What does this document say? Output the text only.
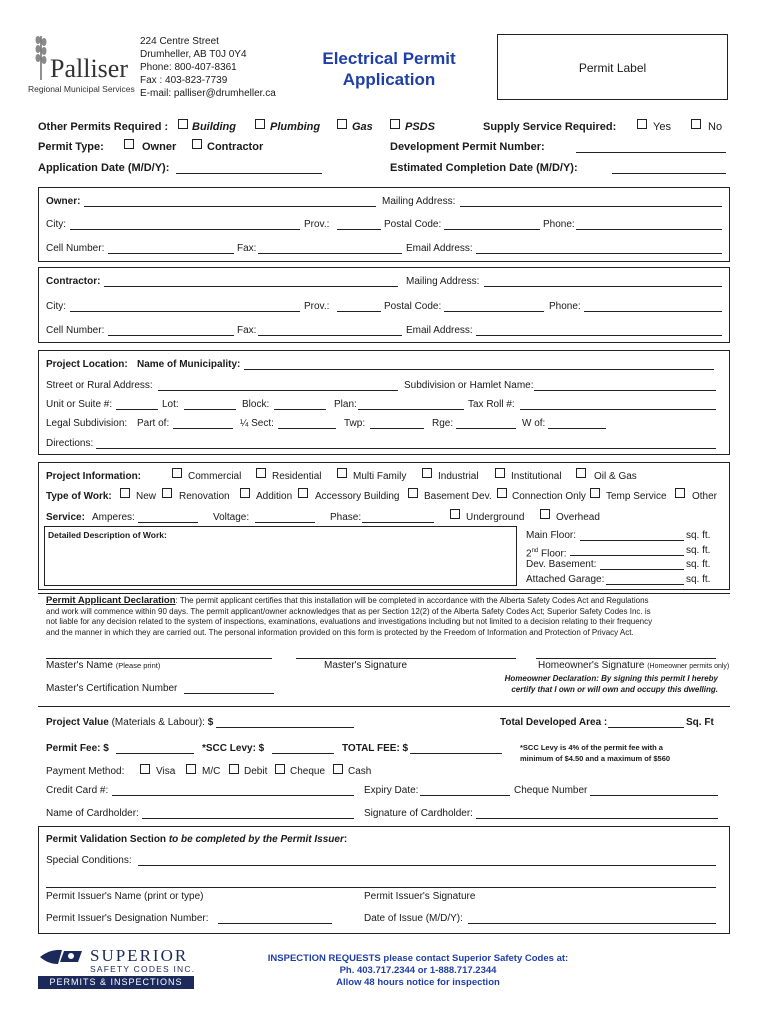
Palliser
Regional Municipal Services
224 Centre Street
Drumheller, AB T0J 0Y4
Phone: 800-407-8361
Fax : 403-823-7739
E-mail: palliser@drumheller.ca
Electrical Permit
Application
Permit Label
Other Permits Required : Building	Plumbing	Gas	PSDS	Supply Service Required:	Yes	No
Permit Type:	Owner	Contractor	Development Permit Number:
Application Date (M/D/Y):	Estimated Completion Date (M/D/Y):
Owner:	Mailing Address:
City:	Prov.:	Postal Code:	Phone:
Cell Number:	Fax:	Email Address:
Contractor:	Mailing Address:
City:	Prov.:	Postal Code:	Phone:
Cell Number:	Fax:	Email Address:
Project Location: Name of Municipality:
Street or Rural Address:	Subdivision or Hamlet Name:
Unit or Suite #:	Lot:	Block:	Plan:	Tax Roll #:
Legal Subdivision: Part of:	¼ Sect:	Twp:	Rge:	W of:
Directions:
Project Information:	Commercial	Residential	Multi Family	Industrial	Institutional	Oil & Gas
Type of Work: New Renovation	Addition Accessory Building Basement Dev. Connection Only Temp Service	Other
Service: Amperes:	Voltage:	Phase:	Underground	Overhead
Detailed Description of Work:	Main Floor:	sq. ft.
2nd Floor:	sq. ft.
Dev. Basement:	sq. ft.
Attached Garage:	sq. ft.
Permit Applicant Declaration: The permit applicant certifies that this installation will be completed in accordance with the Alberta Safety Codes Act and Regulations
and work will commence within 90 days. The permit applicant/owner acknowledges that as per Section 12(2) of the Alberta Safety Codes Act; Superior Safety Codes Inc. is
not liable for any decision related to the system of inspections, examinations, evaluations and investigations including but not limited to a decision relating to their frequency
and the manner in which they are carried out. The personal information provided on this form is protected by the Freedom of Information and Protection of Privacy Act.
Master's Name (Please print)	Master's Signature	Homeowner's Signature (Homeowner permits only)
Master's Certification Number
Homeowner Declaration: By signing this permit I hereby
certify that I own or will own and occupy this dwelling.
Project Value (Materials & Labour): $	Total Developed Area :	Sq. Ft
Permit Fee: $	*SCC Levy: $	TOTAL FEE: $	*SCC Levy is 4% of the permit fee with a
minimum of $4.50 and a maximum of $560
Payment Method:	Visa	M/C Debit Cheque Cash
Credit Card #:	Expiry Date:	Cheque Number
Name of Cardholder:	Signature of Cardholder:
Permit Validation Section to be completed by the Permit Issuer:
Special Conditions:
Permit Issuer's Name (print or type)	Permit Issuer's Signature
Permit Issuer's Designation Number:	Date of Issue (M/D/Y):
SUPERIOR
SAFETY CODES INC.
PERMITS & INSPECTIONS
INSPECTION REQUESTS please contact Superior Safety Codes at:
Ph. 403.717.2344 or 1-888.717.2344
Allow 48 hours notice for inspection
